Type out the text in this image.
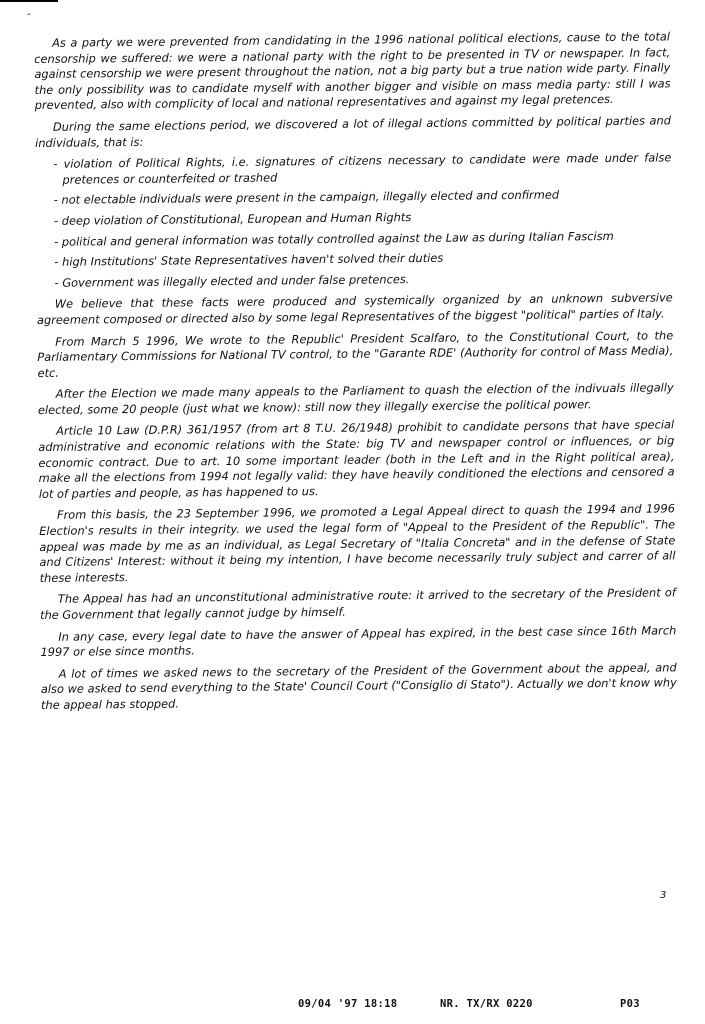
-

As a party we were prevented from candidating in the 1996 national political elections, cause to the total censorship we suffered: we were a national party with the right to be presented in TV or newspaper. In fact, against censorship we were present throughout the nation, not a big party but a true nation wide party. Finally the only possibility was to candidate myself with another bigger and visible on mass media party: still I was prevented, also with complicity of local and national representatives and against my legal pretences.

During the same elections period, we discovered a lot of illegal actions committed by political parties and individuals, that is:

- violation of Political Rights, i.e. signatures of citizens necessary to candidate were made under false pretences or counterfeited or trashed
- not electable individuals were present in the campaign, illegally elected and confirmed
- deep violation of Constitutional, European and Human Rights
- political and general information was totally controlled against the Law as during Italian Fascism
- high Institutions' State Representatives haven't solved their duties
- Government was illegally elected and under false pretences.

We believe that these facts were produced and systemically organized by an unknown subversive agreement composed or directed also by some legal Representatives of the biggest "political" parties of Italy.

From March 5 1996, We wrote to the Republic' President Scalfaro, to the Constitutional Court, to the Parliamentary Commissions for National TV control, to the "Garante RDE' (Authority for control of Mass Media), etc.

After the Election we made many appeals to the Parliament to quash the election of the indivuals illegally elected, some 20 people (just what we know): still now they illegally exercise the political power.

Article 10 Law (D.P.R) 361/1957 (from art 8 T.U. 26/1948) prohibit to candidate persons that have special administrative and economic relations with the State: big TV and newspaper control or influences, or big economic contract. Due to art. 10 some important leader (both in the Left and in the Right political area), make all the elections from 1994 not legally valid: they have heavily conditioned the elections and censored a lot of parties and people, as has happened to us.

From this basis, the 23 September 1996, we promoted a Legal Appeal direct to quash the 1994 and 1996 Election's results in their integrity. we used the legal form of "Appeal to the President of the Republic". The appeal was made by me as an individual, as Legal Secretary of "Italia Concreta" and in the defense of State and Citizens' Interest: without it being my intention, I have become necessarily truly subject and carrer of all these interests.

The Appeal has had an unconstitutional administrative route: it arrived to the secretary of the President of the Government that legally cannot judge by himself.

In any case, every legal date to have the answer of Appeal has expired, in the best case since 16th March 1997 or else since months.

A lot of times we asked news to the secretary of the President of the Government about the appeal, and also we asked to send everything to the State' Council Court ("Consiglio di Stato"). Actually we don't know why the appeal has stopped.

3
09/04 '97 18:18	NR. TX/RX 0220	P03
